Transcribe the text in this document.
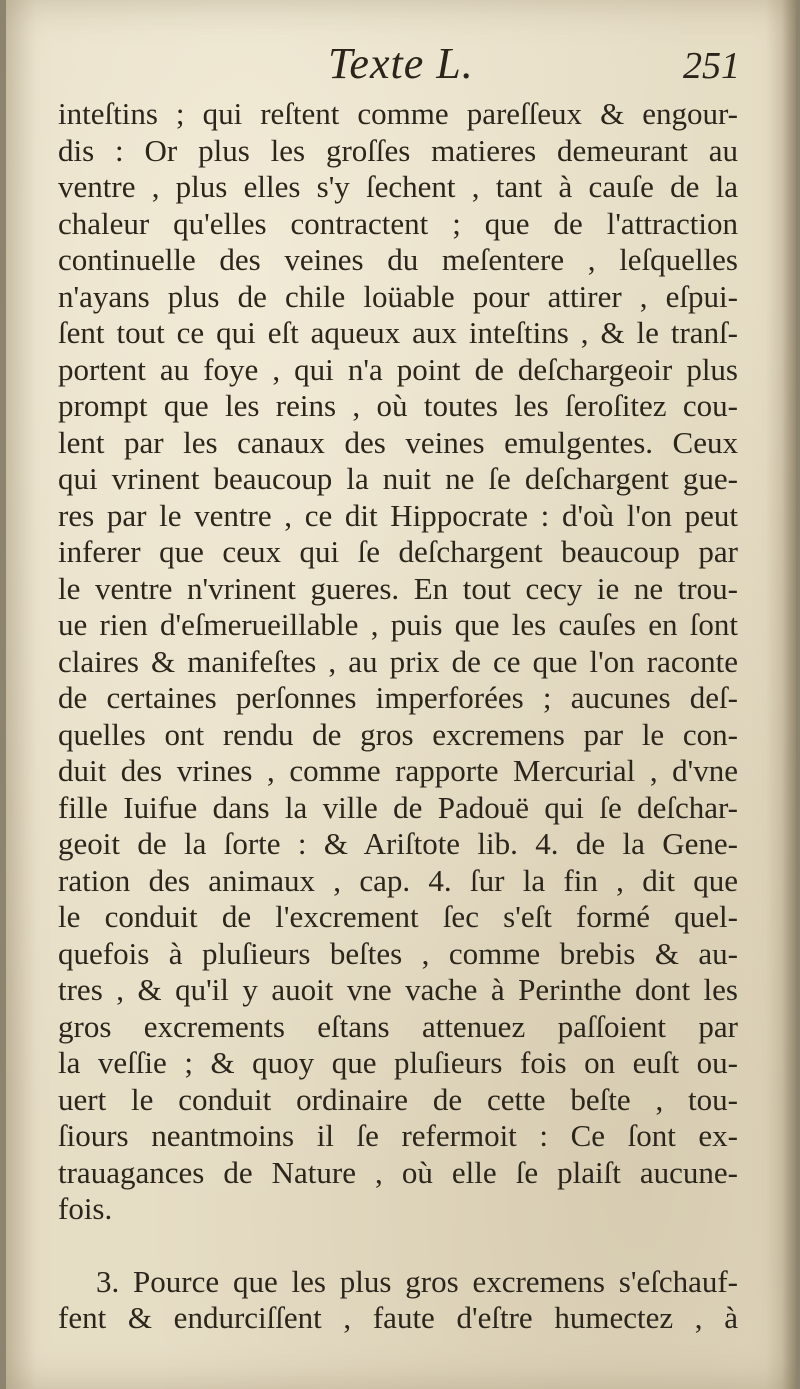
Texte L.	251
inteſtins ; qui reſtent comme pareſſeux & engour-
dis : Or plus les groſſes matieres demeurant au
ventre , plus elles s'y ſechent , tant à cauſe de la
chaleur qu'elles contractent ; que de l'attraction
continuelle des veines du meſentere , leſquelles
n'ayans plus de chile loüable pour attirer , eſpui-
ſent tout ce qui eſt aqueux aux inteſtins , & le tranſ-
portent au foye , qui n'a point de deſchargeoir plus
prompt que les reins , où toutes les ſeroſitez cou-
lent par les canaux des veines emulgentes. Ceux
qui vrinent beaucoup la nuit ne ſe deſchargent gue-
res par le ventre , ce dit Hippocrate : d'où l'on peut
inferer que ceux qui ſe deſchargent beaucoup par
le ventre n'vrinent gueres. En tout cecy ie ne trou-
ue rien d'eſmerueillable , puis que les cauſes en ſont
claires & manifeſtes , au prix de ce que l'on raconte
de certaines perſonnes imperforées ; aucunes deſ-
quelles ont rendu de gros excremens par le con-
duit des vrines , comme rapporte Mercurial , d'vne
fille Iuifue dans la ville de Padouë qui ſe deſchar-
geoit de la ſorte : & Ariſtote lib. 4. de la Gene-
ration des animaux , cap. 4. ſur la fin , dit que
le conduit de l'excrement ſec s'eſt formé quel-
quefois à pluſieurs beſtes , comme brebis & au-
tres , & qu'il y auoit vne vache à Perinthe dont les
gros excrements eſtans attenuez paſſoient par
la veſſie ; & quoy que pluſieurs fois on euſt ou-
uert le conduit ordinaire de cette beſte , tou-
ſiours neantmoins il ſe refermoit : Ce ſont ex-
trauagances de Nature , où elle ſe plaiſt aucune-
fois.
3. Pource que les plus gros excremens s'eſchauf-
fent & endurciſſent , faute d'eſtre humectez , à
